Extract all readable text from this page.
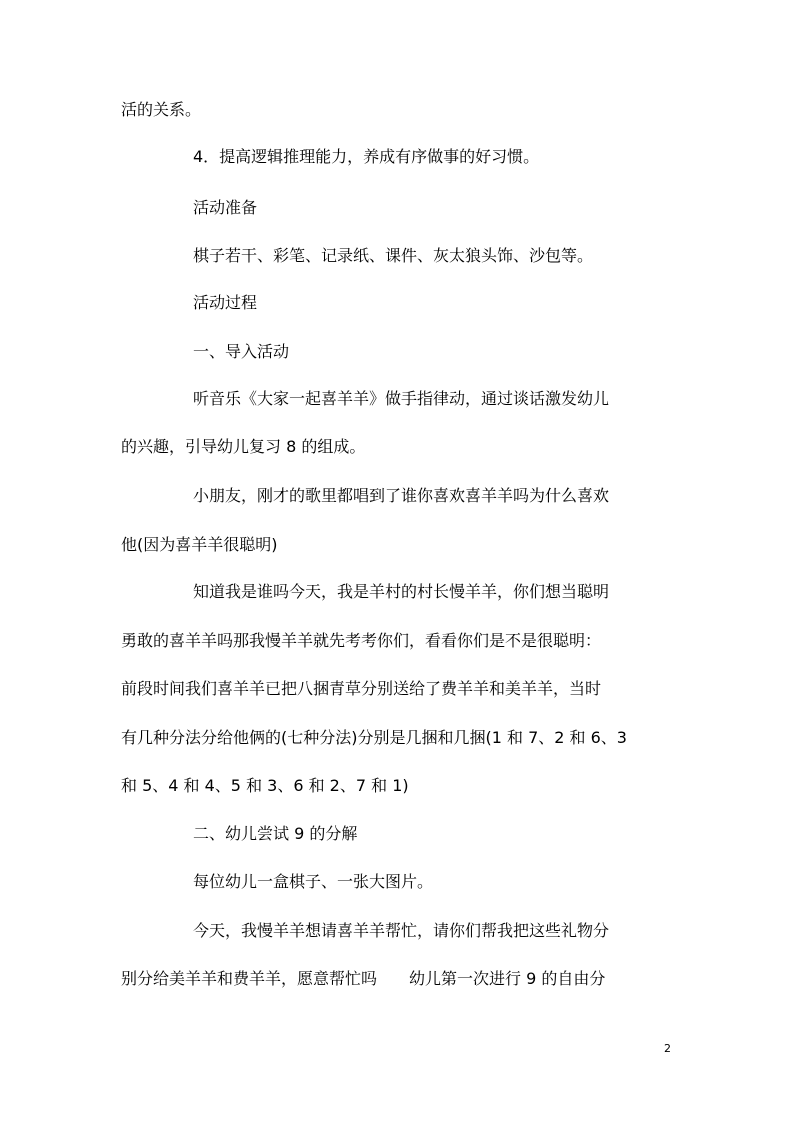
活的关系。
4．提高逻辑推理能力，养成有序做事的好习惯。
活动准备
棋子若干、彩笔、记录纸、课件、灰太狼头饰、沙包等。
活动过程
一、导入活动
听音乐《大家一起喜羊羊》做手指律动，通过谈话激发幼儿
的兴趣，引导幼儿复习 8 的组成。
小朋友，刚才的歌里都唱到了谁你喜欢喜羊羊吗为什么喜欢
他(因为喜羊羊很聪明)
知道我是谁吗今天，我是羊村的村长慢羊羊，你们想当聪明
勇敢的喜羊羊吗那我慢羊羊就先考考你们，看看你们是不是很聪明：
前段时间我们喜羊羊已把八捆青草分别送给了费羊羊和美羊羊，当时
有几种分法分给他俩的(七种分法)分别是几捆和几捆(1 和 7、2 和 6、3
和 5、4 和 4、5 和 3、6 和 2、7 和 1)
二、幼儿尝试 9 的分解
每位幼儿一盒棋子、一张大图片。
今天，我慢羊羊想请喜羊羊帮忙，请你们帮我把这些礼物分
别分给美羊羊和费羊羊，愿意帮忙吗　　幼儿第一次进行 9 的自由分
2
